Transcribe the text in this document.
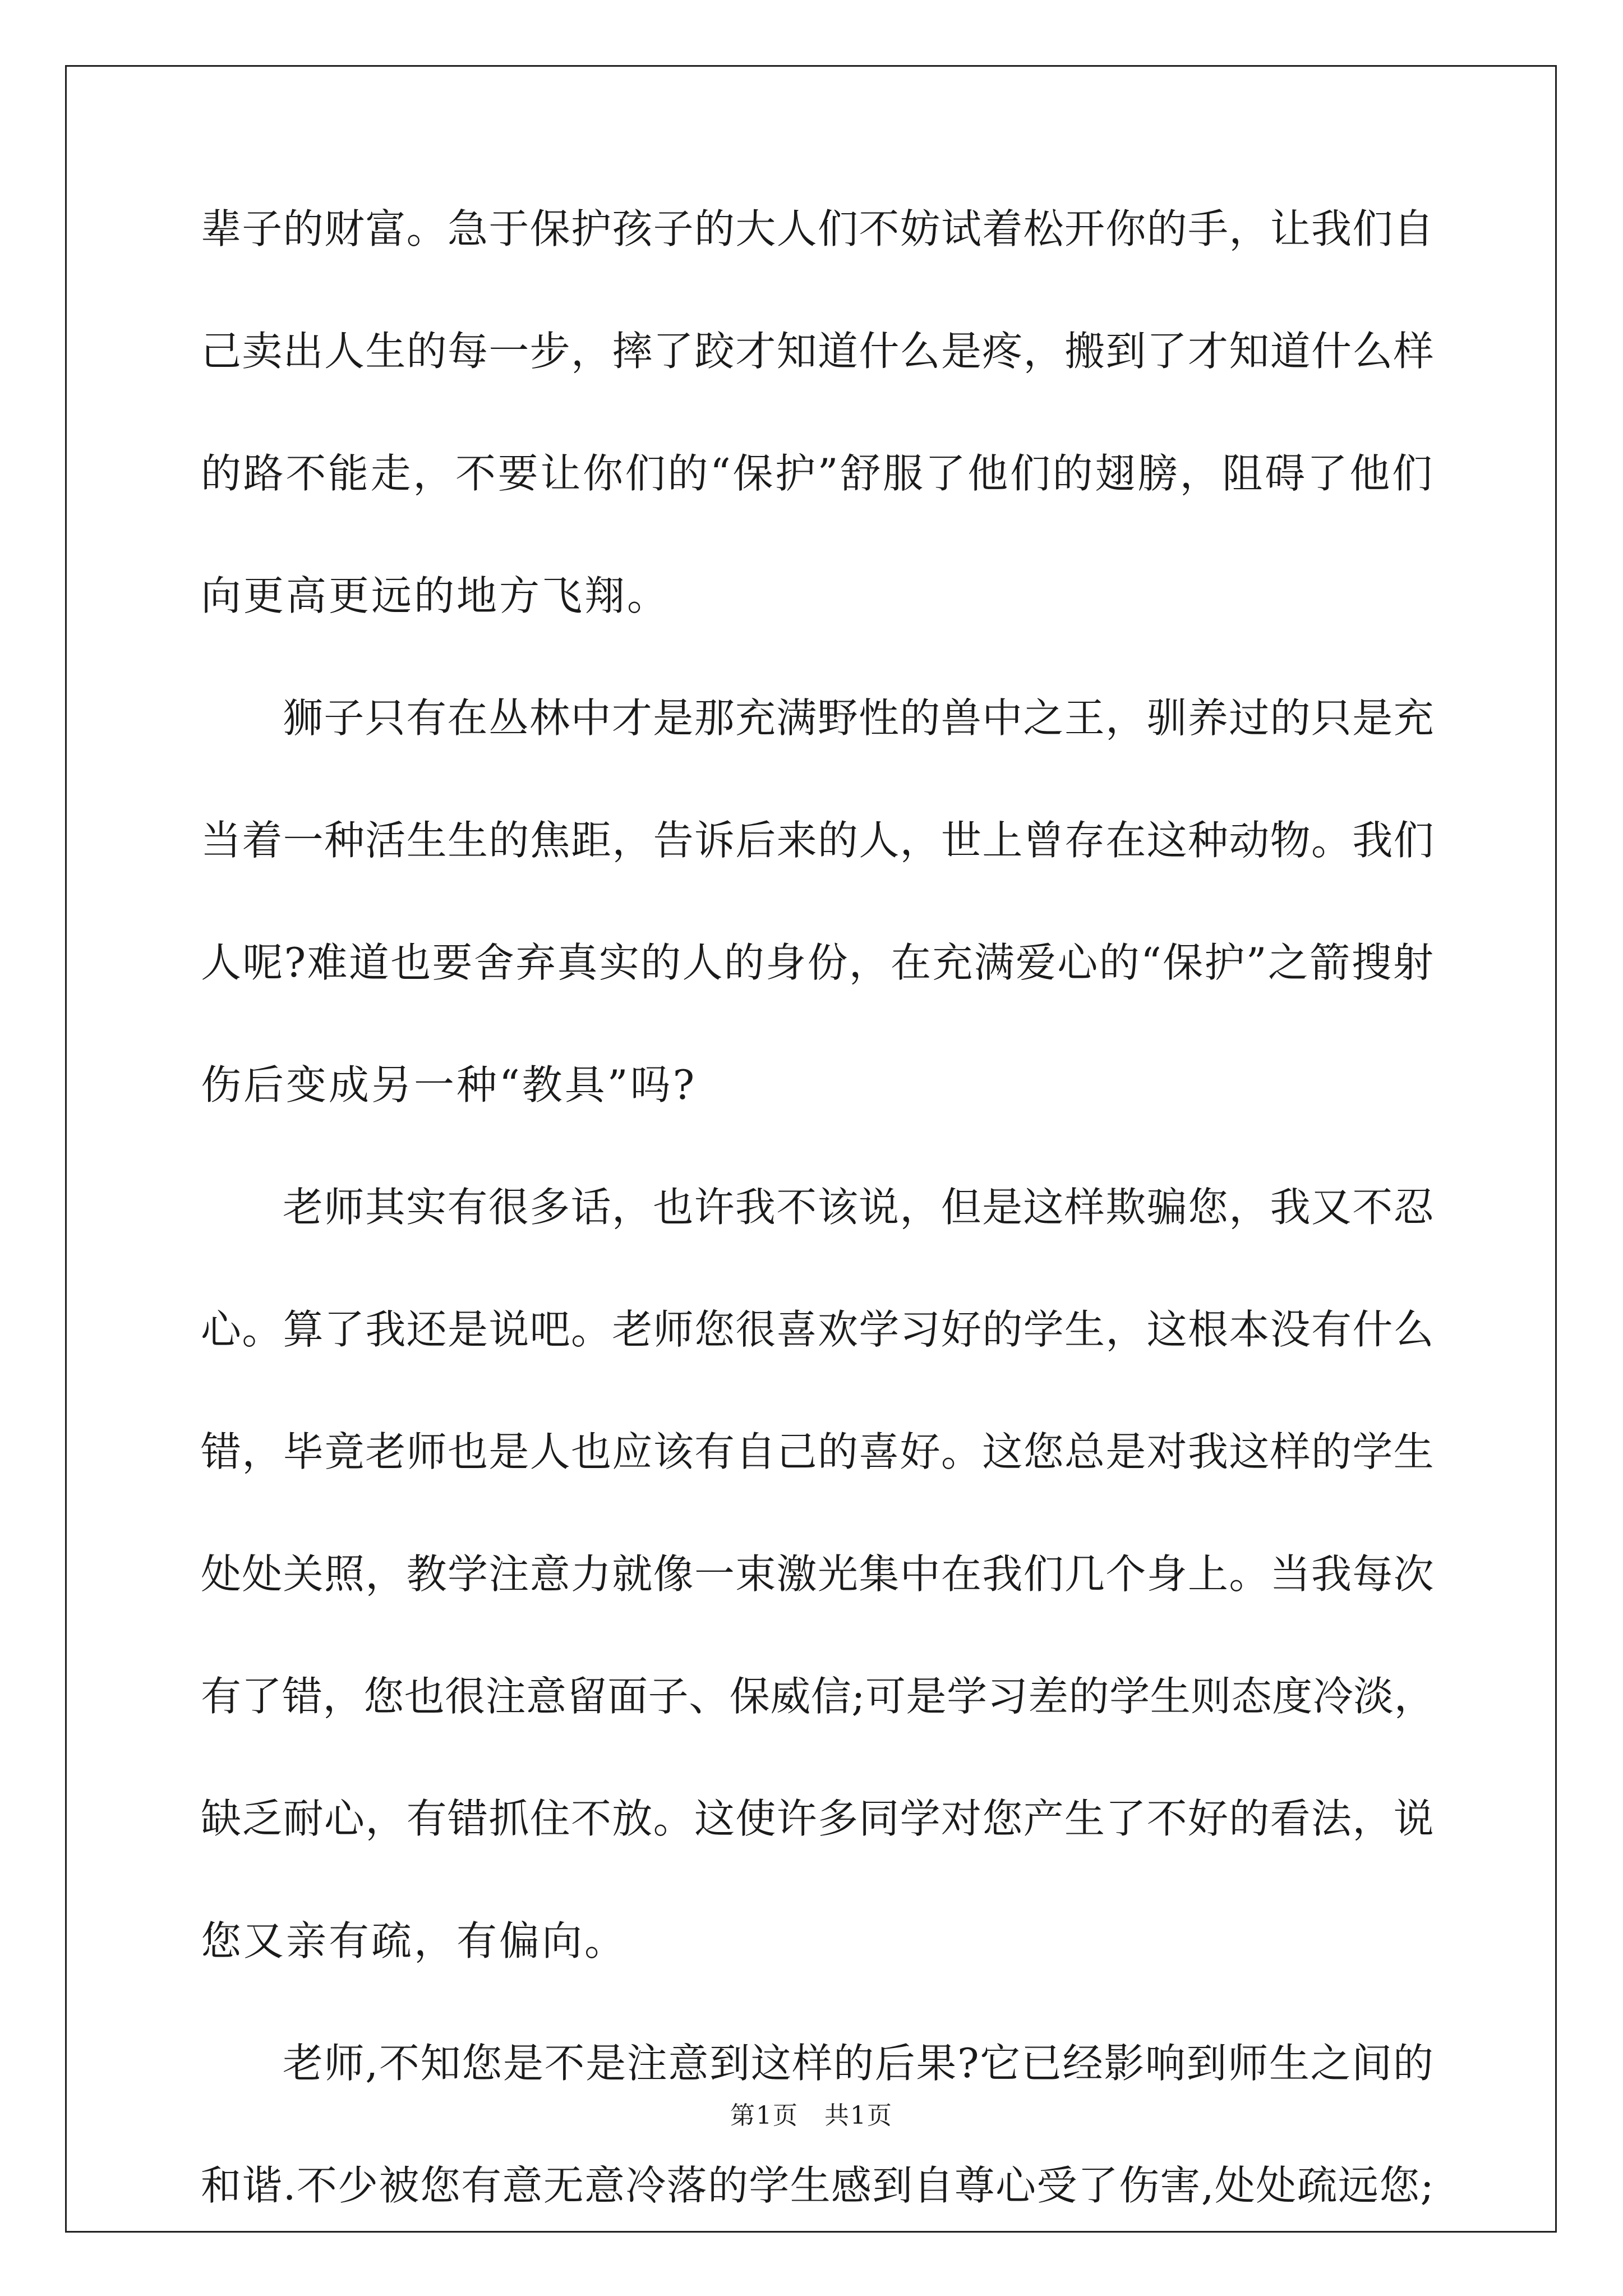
辈子的财富。急于保护孩子的大人们不妨试着松开你的手，让我们自
己卖出人生的每一步，摔了跤才知道什么是疼，搬到了才知道什么样
的路不能走，不要让你们的“保护”舒服了他们的翅膀，阻碍了他们
向更高更远的地方飞翔。
狮子只有在丛林中才是那充满野性的兽中之王，驯养过的只是充
当着一种活生生的焦距，告诉后来的人，世上曾存在这种动物。我们
人呢?难道也要舍弃真实的人的身份，在充满爱心的“保护”之箭搜射
伤后变成另一种“教具”吗?
老师其实有很多话，也许我不该说，但是这样欺骗您，我又不忍
心。算了我还是说吧。老师您很喜欢学习好的学生，这根本没有什么
错，毕竟老师也是人也应该有自己的喜好。这您总是对我这样的学生
处处关照，教学注意力就像一束激光集中在我们几个身上。当我每次
有了错，您也很注意留面子、保威信;可是学习差的学生则态度冷淡，
缺乏耐心，有错抓住不放。这使许多同学对您产生了不好的看法，说
您又亲有疏，有偏向。
老师,不知您是不是注意到这样的后果?它已经影响到师生之间的
和谐.不少被您有意无意冷落的学生感到自尊心受了伤害,处处疏远您;
第1页　共1页
